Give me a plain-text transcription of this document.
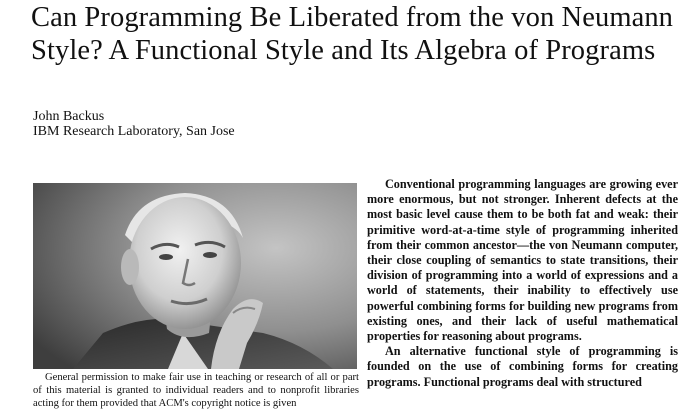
Can Programming Be Liberated from the von Neumann Style? A Functional Style and Its Algebra of Programs
John Backus
IBM Research Laboratory, San Jose

General permission to make fair use in teaching or research of all or part of this material is granted to individual readers and to nonprofit libraries acting for them provided that ACM's copyright notice is given

Conventional programming languages are growing ever more enormous, but not stronger. Inherent defects at the most basic level cause them to be both fat and weak: their primitive word-at-a-time style of programming inherited from their common ancestor—the von Neumann computer, their close coupling of semantics to state transitions, their division of programming into a world of expressions and a world of statements, their inability to effectively use powerful combining forms for building new programs from existing ones, and their lack of useful mathematical properties for reasoning about programs.

An alternative functional style of programming is founded on the use of combining forms for creating programs. Functional programs deal with structured
